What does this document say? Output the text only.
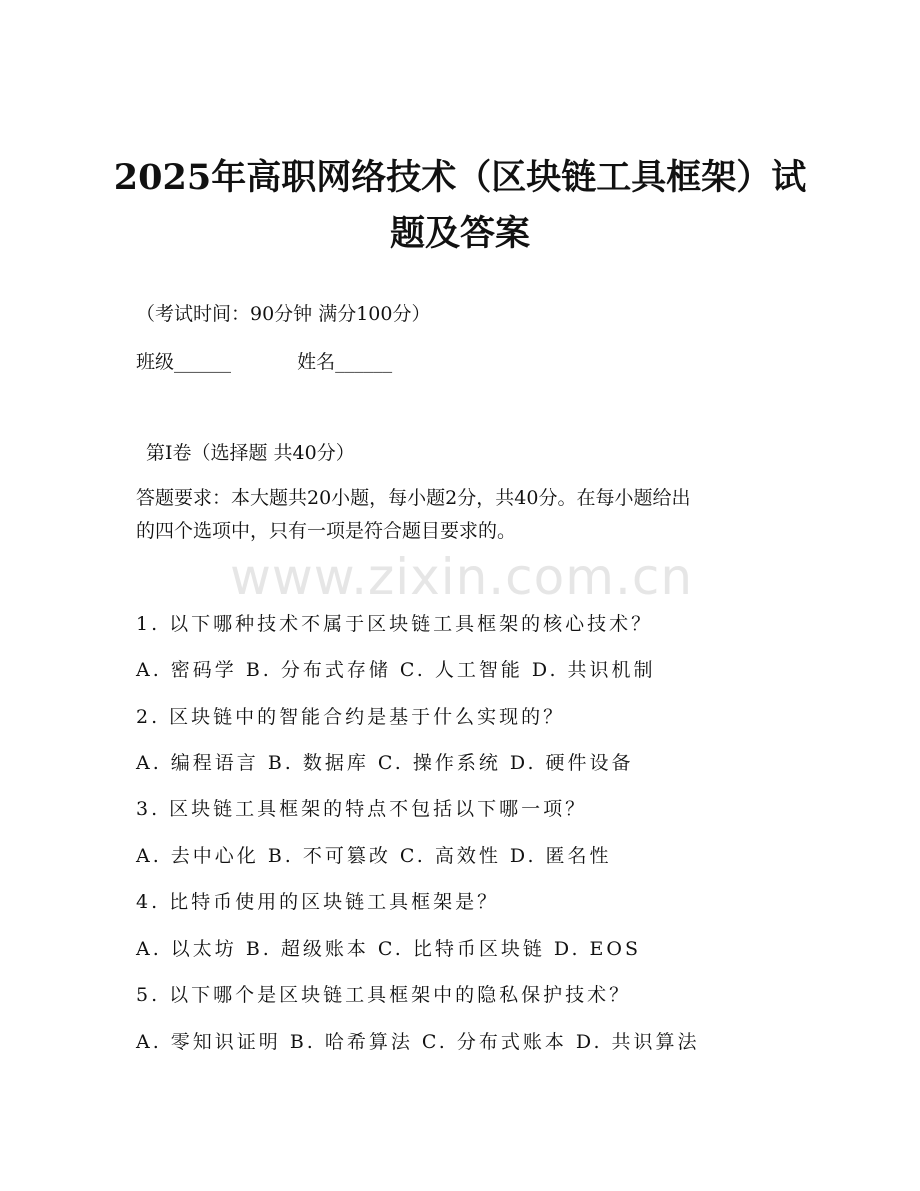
2025年高职网络技术（区块链工具框架）试
题及答案
（考试时间：90分钟 满分100分）
班级______	姓名______
第Ⅰ卷（选择题 共40分）
答题要求：本大题共20小题，每小题2分，共40分。在每小题给出
的四个选项中，只有一项是符合题目要求的。
www.zixin.com.cn
1. 以下哪种技术不属于区块链工具框架的核心技术？
A. 密码学 B. 分布式存储 C. 人工智能 D. 共识机制
2. 区块链中的智能合约是基于什么实现的？
A. 编程语言 B. 数据库 C. 操作系统 D. 硬件设备
3. 区块链工具框架的特点不包括以下哪一项？
A. 去中心化 B. 不可篡改 C. 高效性 D. 匿名性
4. 比特币使用的区块链工具框架是？
A. 以太坊 B. 超级账本 C. 比特币区块链 D. EOS
5. 以下哪个是区块链工具框架中的隐私保护技术？
A. 零知识证明 B. 哈希算法 C. 分布式账本 D. 共识算法
